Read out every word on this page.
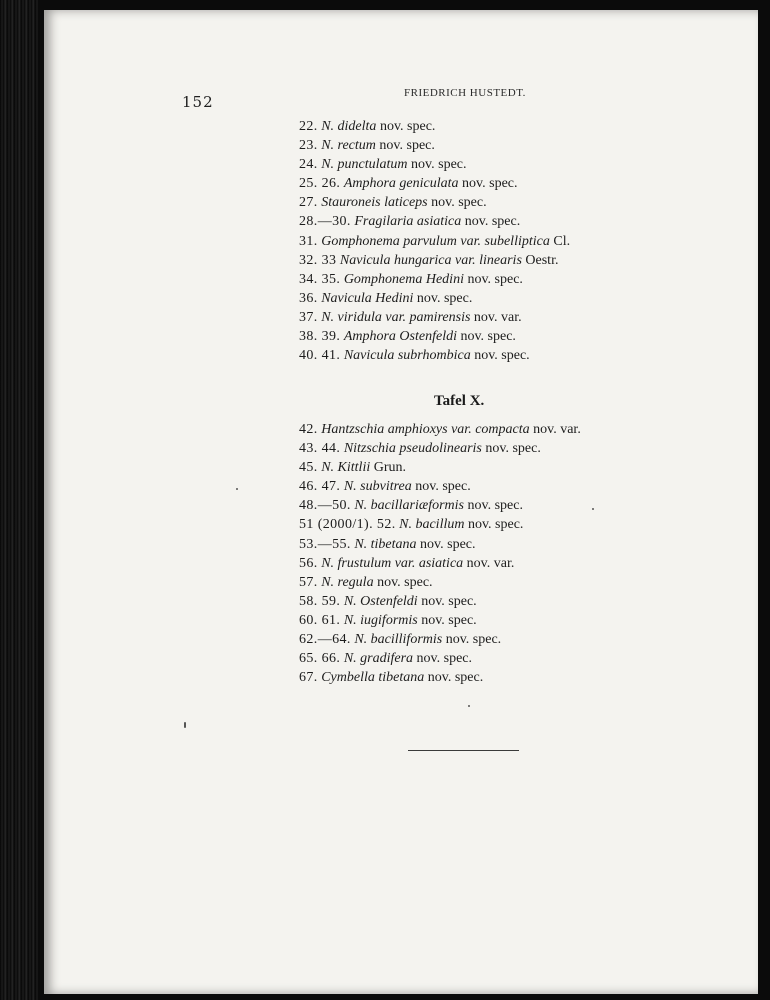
152	FRIEDRICH HUSTEDT.
22. N. didelta nov. spec.
23. N. rectum nov. spec.
24. N. punctulatum nov. spec.
25. 26. Amphora geniculata nov. spec.
27. Stauroneis laticeps nov. spec.
28.—30. Fragilaria asiatica nov. spec.
31. Gomphonema parvulum var. subelliptica Cl.
32. 33 Navicula hungarica var. linearis Oestr.
34. 35. Gomphonema Hedini nov. spec.
36. Navicula Hedini nov. spec.
37. N. viridula var. pamirensis nov. var.
38. 39. Amphora Ostenfeldi nov. spec.
40. 41. Navicula subrhombica nov. spec.
Tafel X.
42. Hantzschia amphioxys var. compacta nov. var.
43. 44. Nitzschia pseudolinearis nov. spec.
45. N. Kittlii Grun.
46. 47. N. subvitrea nov. spec.
48.—50. N. bacillariæformis nov. spec.
51 (2000/1). 52. N. bacillum nov. spec.
53.—55. N. tibetana nov. spec.
56. N. frustulum var. asiatica nov. var.
57. N. regula nov. spec.
58. 59. N. Ostenfeldi nov. spec.
60. 61. N. iugiformis nov. spec.
62.—64. N. bacilliformis nov. spec.
65. 66. N. gradifera nov. spec.
67. Cymbella tibetana nov. spec.
